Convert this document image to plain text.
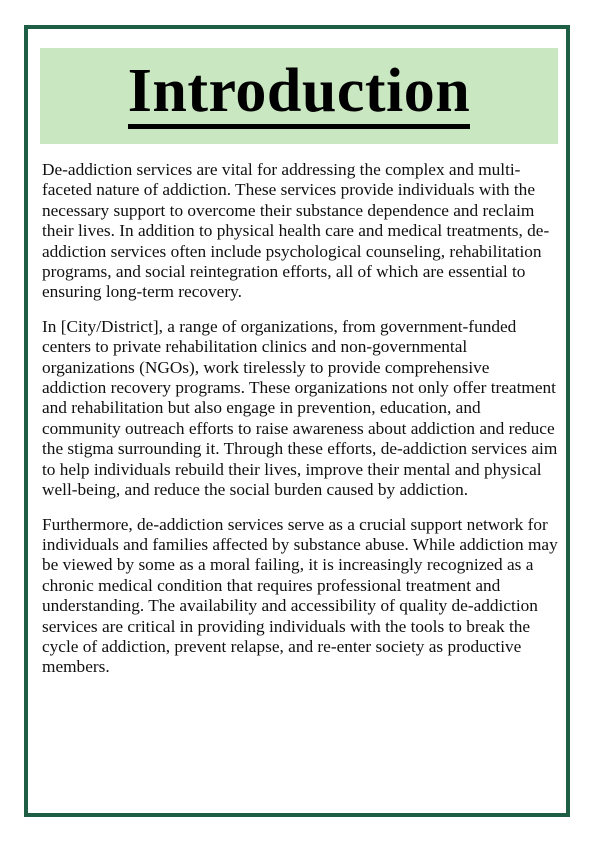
Introduction

De-addiction services are vital for addressing the complex and multi-faceted nature of addiction. These services provide individuals with the necessary support to overcome their substance dependence and reclaim their lives. In addition to physical health care and medical treatments, de-addiction services often include psychological counseling, rehabilitation programs, and social reintegration efforts, all of which are essential to ensuring long-term recovery.

In [City/District], a range of organizations, from government-funded centers to private rehabilitation clinics and non-governmental organizations (NGOs), work tirelessly to provide comprehensive addiction recovery programs. These organizations not only offer treatment and rehabilitation but also engage in prevention, education, and community outreach efforts to raise awareness about addiction and reduce the stigma surrounding it. Through these efforts, de-addiction services aim to help individuals rebuild their lives, improve their mental and physical well-being, and reduce the social burden caused by addiction.

Furthermore, de-addiction services serve as a crucial support network for individuals and families affected by substance abuse. While addiction may be viewed by some as a moral failing, it is increasingly recognized as a chronic medical condition that requires professional treatment and understanding. The availability and accessibility of quality de-addiction services are critical in providing individuals with the tools to break the cycle of addiction, prevent relapse, and re-enter society as productive members.
